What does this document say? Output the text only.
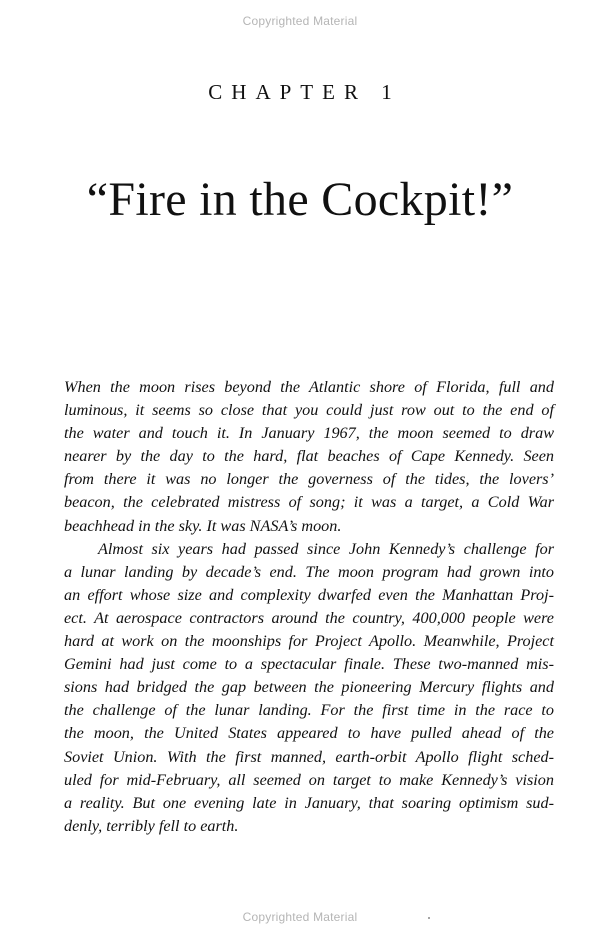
Copyrighted Material
CHAPTER 1
“Fire in the Cockpit!”
When the moon rises beyond the Atlantic shore of Florida, full and
luminous, it seems so close that you could just row out to the end of
the water and touch it. In January 1967, the moon seemed to draw
nearer by the day to the hard, flat beaches of Cape Kennedy. Seen
from there it was no longer the governess of the tides, the lovers’
beacon, the celebrated mistress of song; it was a target, a Cold War
beachhead in the sky. It was NASA’s moon.
Almost six years had passed since John Kennedy’s challenge for
a lunar landing by decade’s end. The moon program had grown into
an effort whose size and complexity dwarfed even the Manhattan Proj-
ect. At aerospace contractors around the country, 400,000 people were
hard at work on the moonships for Project Apollo. Meanwhile, Project
Gemini had just come to a spectacular finale. These two-manned mis-
sions had bridged the gap between the pioneering Mercury flights and
the challenge of the lunar landing. For the first time in the race to
the moon, the United States appeared to have pulled ahead of the
Soviet Union. With the first manned, earth-orbit Apollo flight sched-
uled for mid-February, all seemed on target to make Kennedy’s vision
a reality. But one evening late in January, that soaring optimism sud-
denly, terribly fell to earth.
Copyrighted Material
